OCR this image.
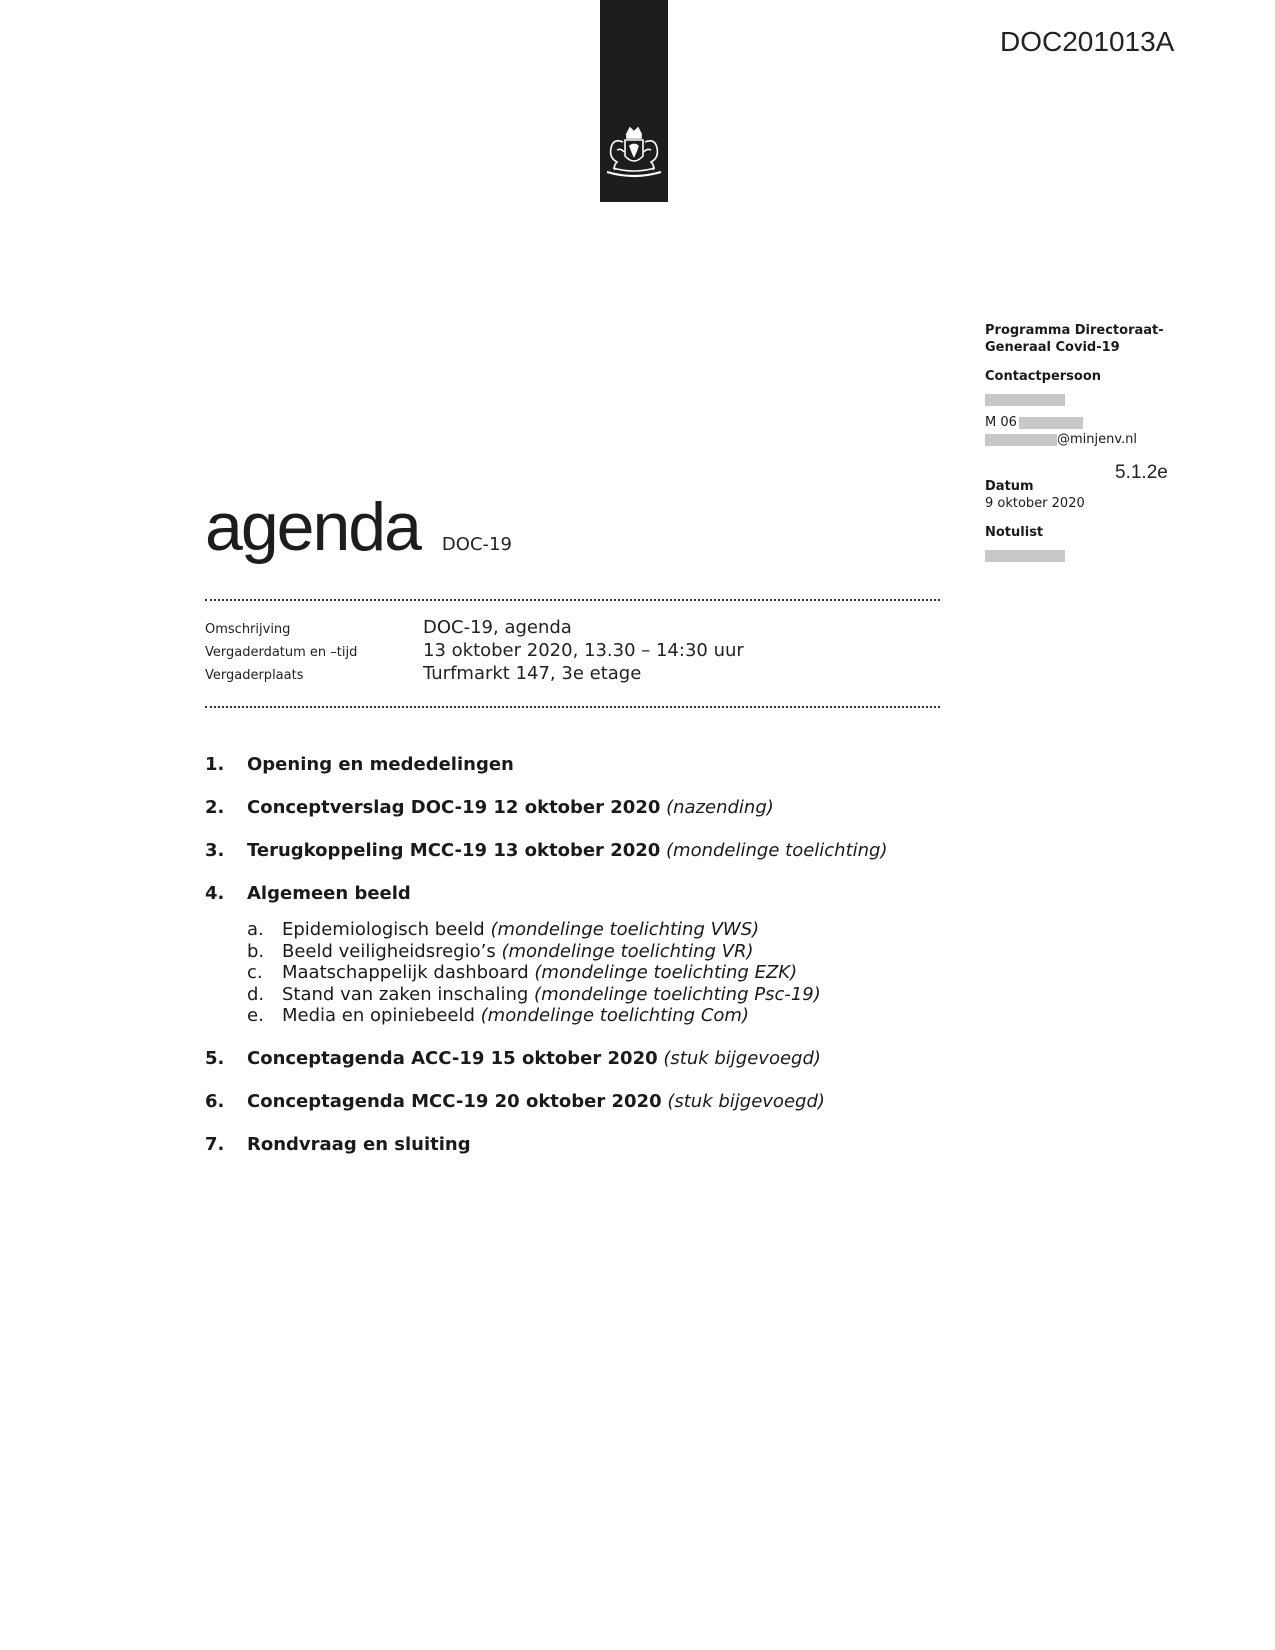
DOC201013A
Programma Directoraat-
Generaal Covid-19
Contactpersoon
M 06
@minjenv.nl
Datum
9 oktober 2020
Notulist
5.1.2e
agenda DOC-19
Omschrijving	DOC-19, agenda
Vergaderdatum en –tijd	13 oktober 2020, 13.30 – 14:30 uur
Vergaderplaats	Turfmarkt 147, 3e etage
1.	Opening en mededelingen
2.	Conceptverslag DOC-19 12 oktober 2020 (nazending)
3.	Terugkoppeling MCC-19 13 oktober 2020 (mondelinge toelichting)
4.	Algemeen beeld
a.	Epidemiologisch beeld (mondelinge toelichting VWS)
b. Beeld veiligheidsregio’s (mondelinge toelichting VR)
c.	Maatschappelijk dashboard (mondelinge toelichting EZK)
d. Stand van zaken inschaling (mondelinge toelichting Psc-19)
e.	Media en opiniebeeld (mondelinge toelichting Com)
5.	Conceptagenda ACC-19 15 oktober 2020 (stuk bijgevoegd)
6.	Conceptagenda MCC-19 20 oktober 2020 (stuk bijgevoegd)
7.	Rondvraag en sluiting
